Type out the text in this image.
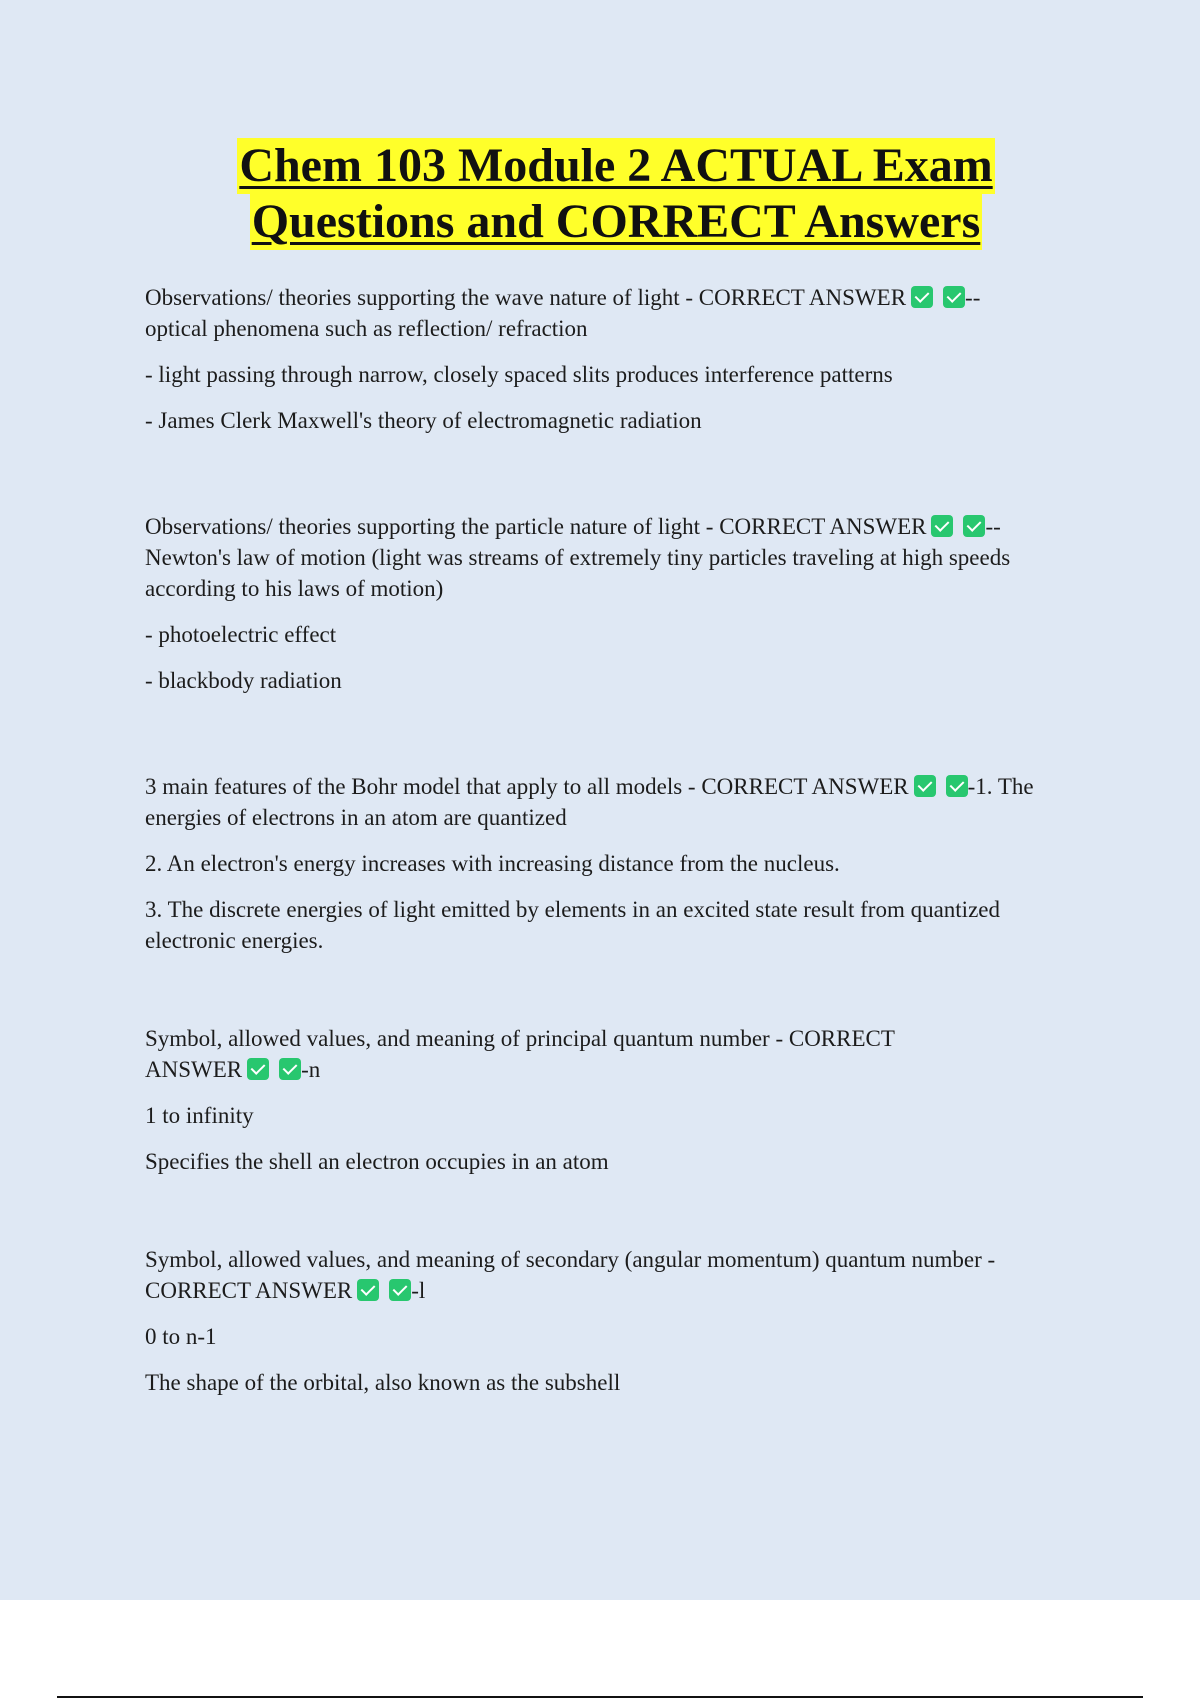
Chem 103 Module 2 ACTUAL Exam
Questions and CORRECT Answers

Observations/ theories supporting the wave nature of light - CORRECT ANSWER	--
optical phenomena such as reflection/ refraction

- light passing through narrow, closely spaced slits produces interference patterns

- James Clerk Maxwell's theory of electromagnetic radiation

Observations/ theories supporting the particle nature of light - CORRECT ANSWER	--
Newton's law of motion (light was streams of extremely tiny particles traveling at high speeds according to his laws of motion)

- photoelectric effect

- blackbody radiation

3 main features of the Bohr model that apply to all models - CORRECT ANSWER	-1. The
energies of electrons in an atom are quantized

2. An electron's energy increases with increasing distance from the nucleus.

3. The discrete energies of light emitted by elements in an excited state result from quantized electronic energies.

Symbol, allowed values, and meaning of principal quantum number - CORRECT
ANSWER	-n

1 to infinity

Specifies the shell an electron occupies in an atom

Symbol, allowed values, and meaning of secondary (angular momentum) quantum number -
CORRECT ANSWER	-l

0 to n-1

The shape of the orbital, also known as the subshell
